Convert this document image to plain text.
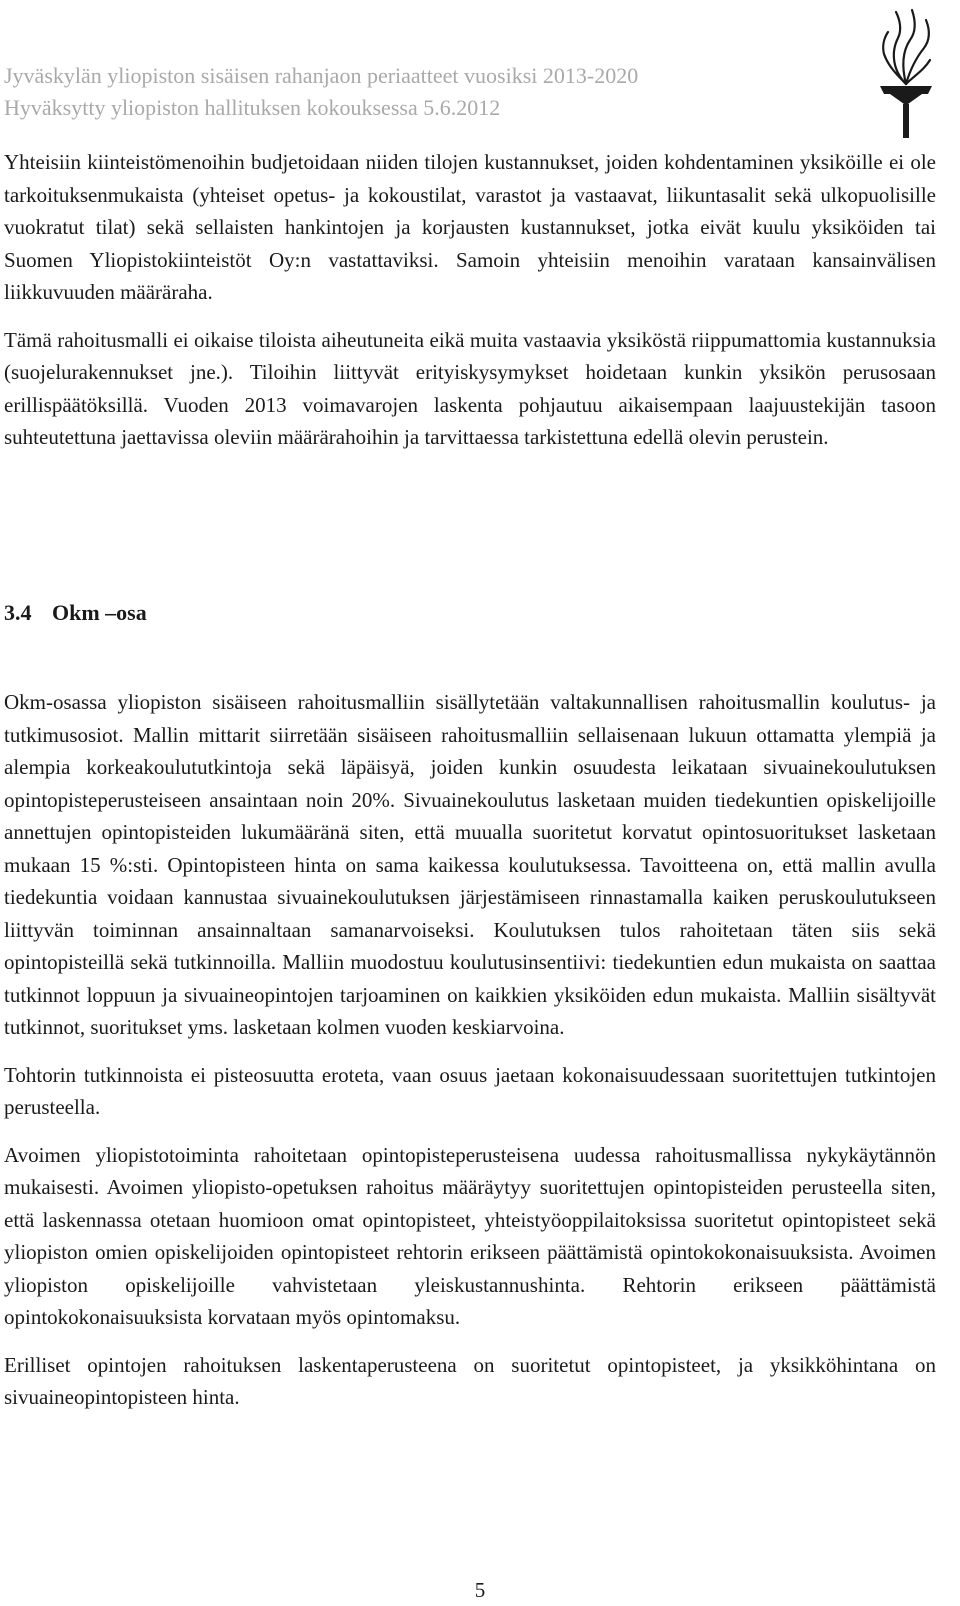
Jyväskylän yliopiston sisäisen rahanjaon periaatteet vuosiksi 2013-2020
Hyväksytty yliopiston hallituksen kokouksessa 5.6.2012

Yhteisiin kiinteistömenoihin budjetoidaan niiden tilojen kustannukset, joiden kohdentaminen yksiköille ei ole tarkoituksenmukaista (yhteiset opetus- ja kokoustilat, varastot ja vastaavat, liikuntasalit sekä ulkopuolisille vuokratut tilat) sekä sellaisten hankintojen ja korjausten kustannukset, jotka eivät kuulu yksiköiden tai Suomen Yliopistokiinteistöt Oy:n vastattaviksi. Samoin yhteisiin menoihin varataan kansainvälisen liikkuvuuden määräraha.

Tämä rahoitusmalli ei oikaise tiloista aiheutuneita eikä muita vastaavia yksiköstä riippumattomia kustannuksia (suojelurakennukset jne.). Tiloihin liittyvät erityiskysymykset hoidetaan kunkin yksikön perusosaan erillispäätöksillä. Vuoden 2013 voimavarojen laskenta pohjautuu aikaisempaan laajuustekijän tasoon suhteutettuna jaettavissa oleviin määrärahoihin ja tarvittaessa tarkistettuna edellä olevin perustein.

3.4 Okm –osa

Okm-osassa yliopiston sisäiseen rahoitusmalliin sisällytetään valtakunnallisen rahoitusmallin koulutus- ja tutkimusosiot. Mallin mittarit siirretään sisäiseen rahoitusmalliin sellaisenaan lukuun ottamatta ylempiä ja alempia korkeakoulututkintoja sekä läpäisyä, joiden kunkin osuudesta leikataan sivuainekoulutuksen opintopisteperusteiseen ansaintaan noin 20%. Sivuainekoulutus lasketaan muiden tiedekuntien opiskelijoille annettujen opintopisteiden lukumääränä siten, että muualla suoritetut korvatut opintosuoritukset lasketaan mukaan 15 %:sti. Opintopisteen hinta on sama kaikessa koulutuksessa. Tavoitteena on, että mallin avulla tiedekuntia voidaan kannustaa sivuainekoulutuksen järjestämiseen rinnastamalla kaiken peruskoulutukseen liittyvän toiminnan ansainnaltaan samanarvoiseksi. Koulutuksen tulos rahoitetaan täten siis sekä opintopisteillä sekä tutkinnoilla. Malliin muodostuu koulutusinsentiivi: tiedekuntien edun mukaista on saattaa tutkinnot loppuun ja sivuaineopintojen tarjoaminen on kaikkien yksiköiden edun mukaista. Malliin sisältyvät tutkinnot, suoritukset yms. lasketaan kolmen vuoden keskiarvoina.

Tohtorin tutkinnoista ei pisteosuutta eroteta, vaan osuus jaetaan kokonaisuudessaan suoritettujen tutkintojen perusteella.

Avoimen yliopistotoiminta rahoitetaan opintopisteperusteisena uudessa rahoitusmallissa nykykäytännön mukaisesti. Avoimen yliopisto-opetuksen rahoitus määräytyy suoritettujen opintopisteiden perusteella siten, että laskennassa otetaan huomioon omat opintopisteet, yhteistyöoppilaitoksissa suoritetut opintopisteet sekä yliopiston omien opiskelijoiden opintopisteet rehtorin erikseen päättämistä opintokokonaisuuksista. Avoimen yliopiston opiskelijoille vahvistetaan yleiskustannushinta. Rehtorin erikseen päättämistä opintokokonaisuuksista korvataan myös opintomaksu.

Erilliset opintojen rahoituksen laskentaperusteena on suoritetut opintopisteet, ja yksikköhintana on sivuaineopintopisteen hinta.

5
